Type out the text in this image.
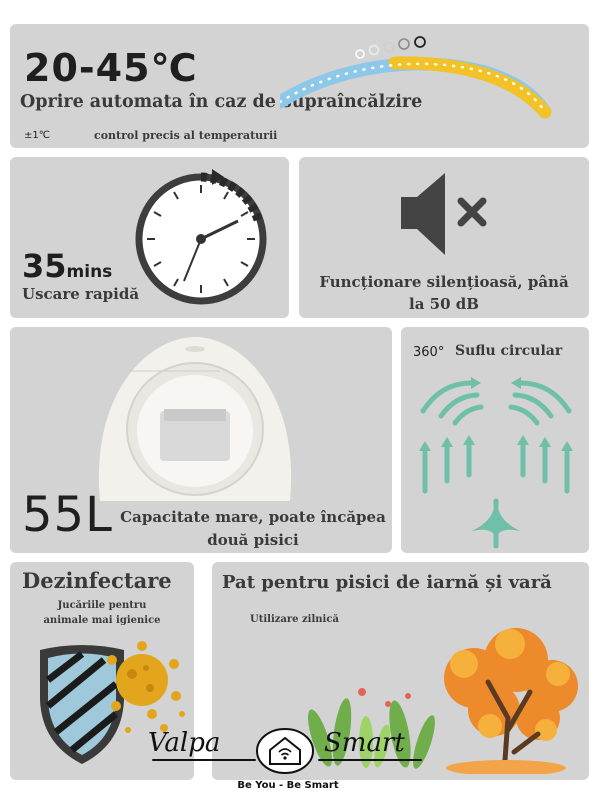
20-45℃
Oprire automata în caz de supraîncălzire
±1℃	control precis al temperaturii
35mins
Uscare rapidă
Funcționare silențioasă, până
la 50 dB
55L Capacitate mare, poate încăpea
două pisici
360° Suflu circular
Dezinfectare
Jucăriile pentru
animale mai igienice
Pat pentru pisici de iarnă și vară
Utilizare zilnică
Valpa	Smart
Be You - Be Smart
